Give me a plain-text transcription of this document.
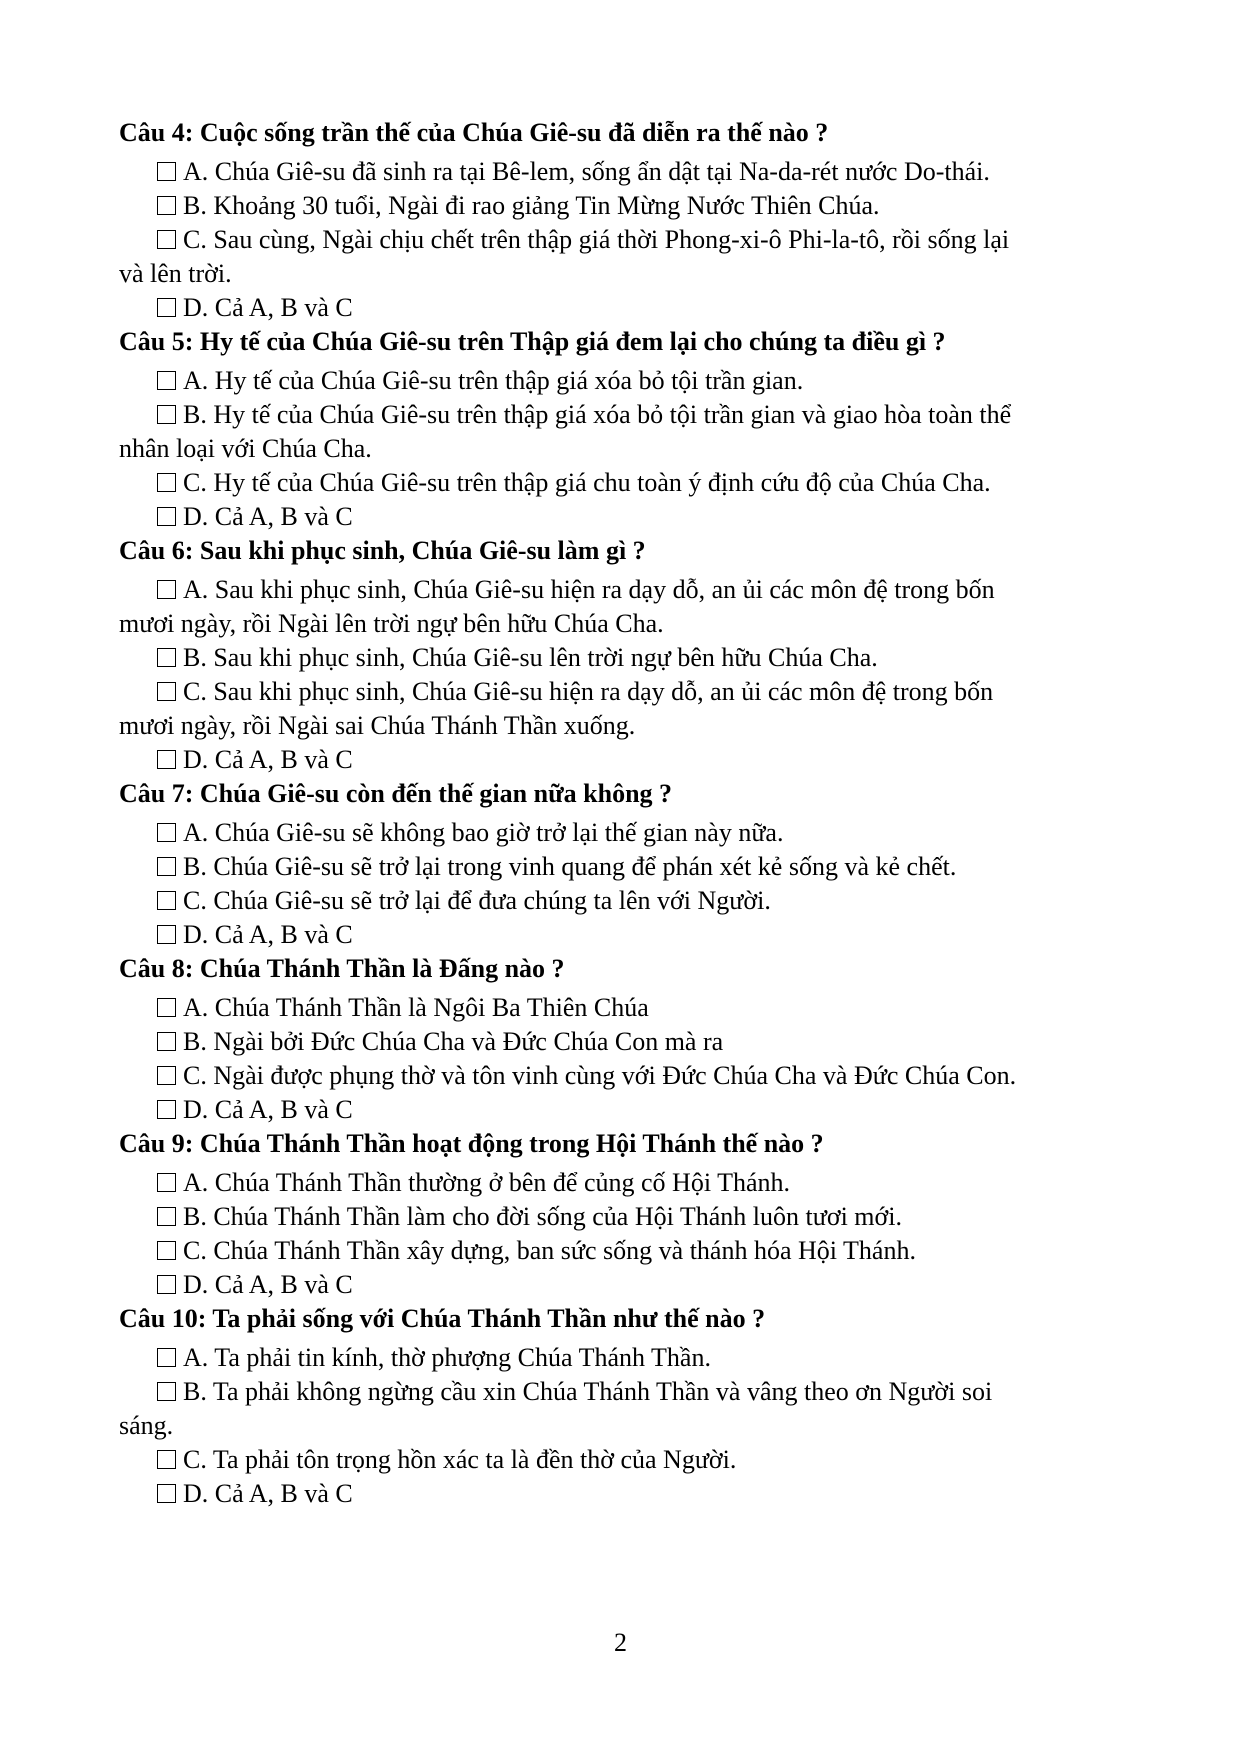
Câu 4: Cuộc sống trần thế của Chúa Giê-su đã diễn ra thế nào ?
A. Chúa Giê-su đã sinh ra tại Bê-lem, sống ẩn dật tại Na-da-rét nước Do-thái.
B. Khoảng 30 tuổi, Ngài đi rao giảng Tin Mừng Nước Thiên Chúa.
C. Sau cùng, Ngài chịu chết trên thập giá thời Phong-xi-ô Phi-la-tô, rồi sống lại
và lên trời.
D. Cả A, B và C
Câu 5: Hy tế của Chúa Giê-su trên Thập giá đem lại cho chúng ta điều gì ?
A. Hy tế của Chúa Giê-su trên thập giá xóa bỏ tội trần gian.
B. Hy tế của Chúa Giê-su trên thập giá xóa bỏ tội trần gian và giao hòa toàn thể
nhân loại với Chúa Cha.
C. Hy tế của Chúa Giê-su trên thập giá chu toàn ý định cứu độ của Chúa Cha.
D. Cả A, B và C
Câu 6: Sau khi phục sinh, Chúa Giê-su làm gì ?
A. Sau khi phục sinh, Chúa Giê-su hiện ra dạy dỗ, an ủi các môn đệ trong bốn
mươi ngày, rồi Ngài lên trời ngự bên hữu Chúa Cha.
B. Sau khi phục sinh, Chúa Giê-su lên trời ngự bên hữu Chúa Cha.
C. Sau khi phục sinh, Chúa Giê-su hiện ra dạy dỗ, an ủi các môn đệ trong bốn
mươi ngày, rồi Ngài sai Chúa Thánh Thần xuống.
D. Cả A, B và C
Câu 7: Chúa Giê-su còn đến thế gian nữa không ?
A. Chúa Giê-su sẽ không bao giờ trở lại thế gian này nữa.
B. Chúa Giê-su sẽ trở lại trong vinh quang để phán xét kẻ sống và kẻ chết.
C. Chúa Giê-su sẽ trở lại để đưa chúng ta lên với Người.
D. Cả A, B và C
Câu 8: Chúa Thánh Thần là Đấng nào ?
A. Chúa Thánh Thần là Ngôi Ba Thiên Chúa
B. Ngài bởi Đức Chúa Cha và Đức Chúa Con mà ra
C. Ngài được phụng thờ và tôn vinh cùng với Đức Chúa Cha và Đức Chúa Con.
D. Cả A, B và C
Câu 9: Chúa Thánh Thần hoạt động trong Hội Thánh thế nào ?
A. Chúa Thánh Thần thường ở bên để củng cố Hội Thánh.
B. Chúa Thánh Thần làm cho đời sống của Hội Thánh luôn tươi mới.
C. Chúa Thánh Thần xây dựng, ban sức sống và thánh hóa Hội Thánh.
D. Cả A, B và C
Câu 10: Ta phải sống với Chúa Thánh Thần như thế nào ?
A. Ta phải tin kính, thờ phượng Chúa Thánh Thần.
B. Ta phải không ngừng cầu xin Chúa Thánh Thần và vâng theo ơn Người soi
sáng.
C. Ta phải tôn trọng hồn xác ta là đền thờ của Người.
D. Cả A, B và C
2
